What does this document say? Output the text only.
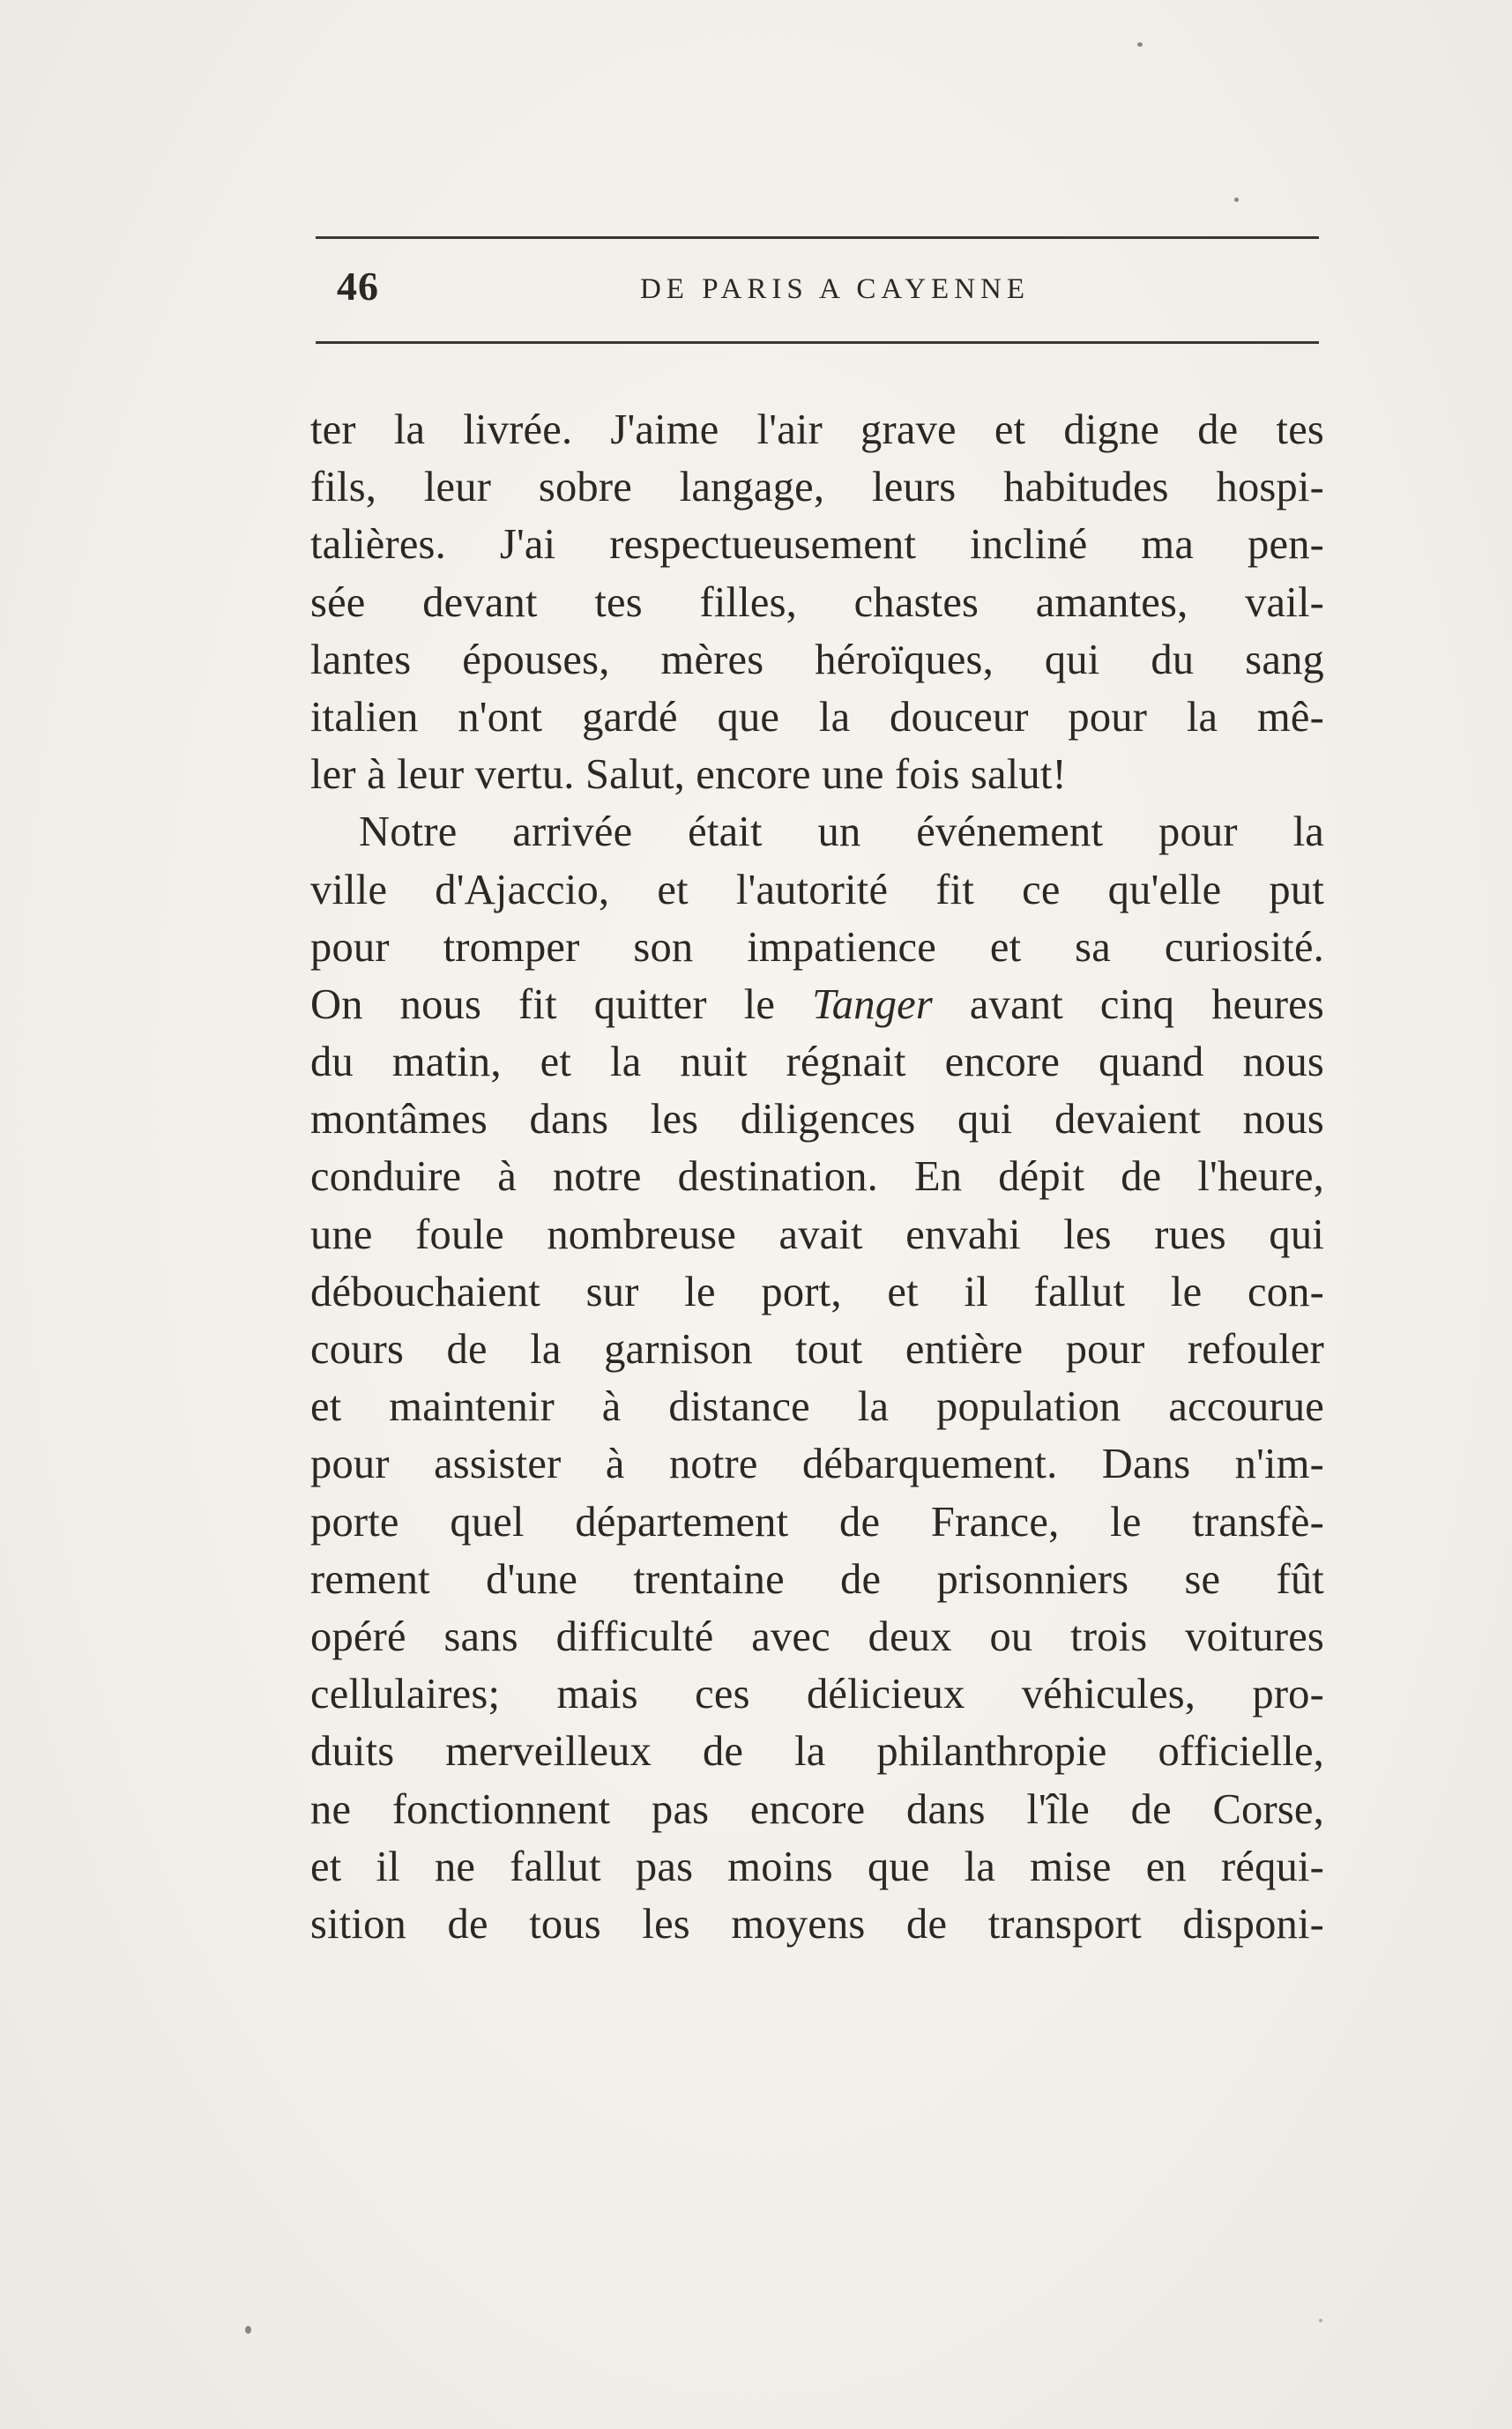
46	DE PARIS A CAYENNE
ter la livrée. J'aime l'air grave et digne de tes
fils, leur sobre langage, leurs habitudes hospi-
talières. J'ai respectueusement incliné ma pen-
sée devant tes filles, chastes amantes, vail-
lantes épouses, mères héroïques, qui du sang
italien n'ont gardé que la douceur pour la mê-
ler à leur vertu. Salut, encore une fois salut!
Notre arrivée était un événement pour la
ville d'Ajaccio, et l'autorité fit ce qu'elle put
pour tromper son impatience et sa curiosité.
On nous fit quitter le Tanger avant cinq heures
du matin, et la nuit régnait encore quand nous
montâmes dans les diligences qui devaient nous
conduire à notre destination. En dépit de l'heure,
une foule nombreuse avait envahi les rues qui
débouchaient sur le port, et il fallut le con-
cours de la garnison tout entière pour refouler
et maintenir à distance la population accourue
pour assister à notre débarquement. Dans n'im-
porte quel département de France, le transfè-
rement d'une trentaine de prisonniers se fût
opéré sans difficulté avec deux ou trois voitures
cellulaires; mais ces délicieux véhicules, pro-
duits merveilleux de la philanthropie officielle,
ne fonctionnent pas encore dans l'île de Corse,
et il ne fallut pas moins que la mise en réqui-
sition de tous les moyens de transport disponi-
